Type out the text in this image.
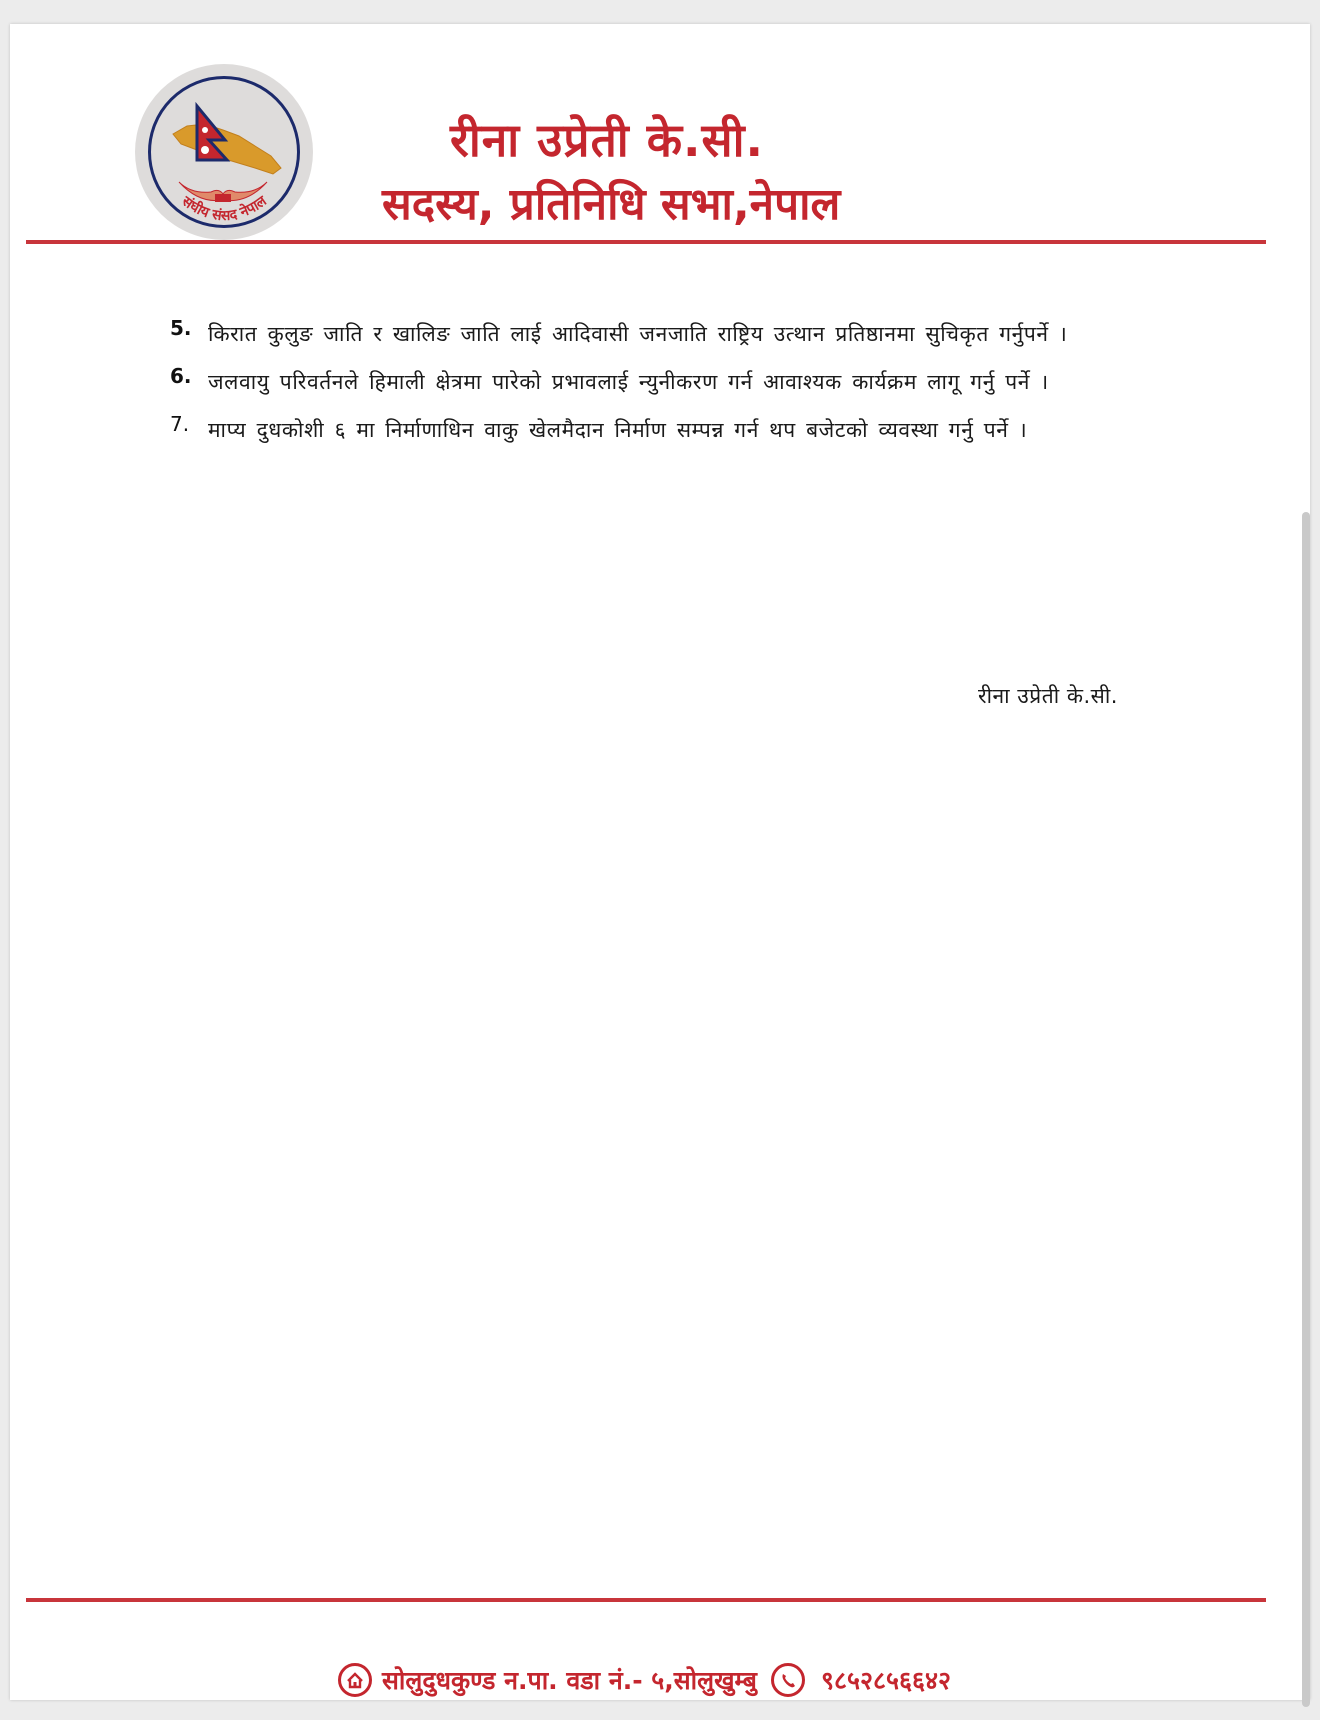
संघीय संसद नेपाल
रीना उप्रेती के.सी.
सदस्य, प्रतिनिधि सभा,नेपाल
5. किरात कुलुङ जाति र खालिङ जाति लाई आदिवासी जनजाति राष्ट्रिय उत्थान प्रतिष्ठानमा सुचिकृत गर्नुपर्ने ।
6. जलवायु परिवर्तनले हिमाली क्षेत्रमा पारेको प्रभावलाई न्युनीकरण गर्न आवाश्यक कार्यक्रम लागू गर्नु पर्ने ।
7. माप्य दुधकोशी ६ मा निर्माणाधिन वाकु खेलमैदान निर्माण सम्पन्न गर्न थप बजेटको व्यवस्था गर्नु पर्ने ।
रीना उप्रेती के.सी.
सोलुदुधकुण्ड न.पा. वडा नं.- ५,सोलुखुम्बु	९८५२८५६६४२
